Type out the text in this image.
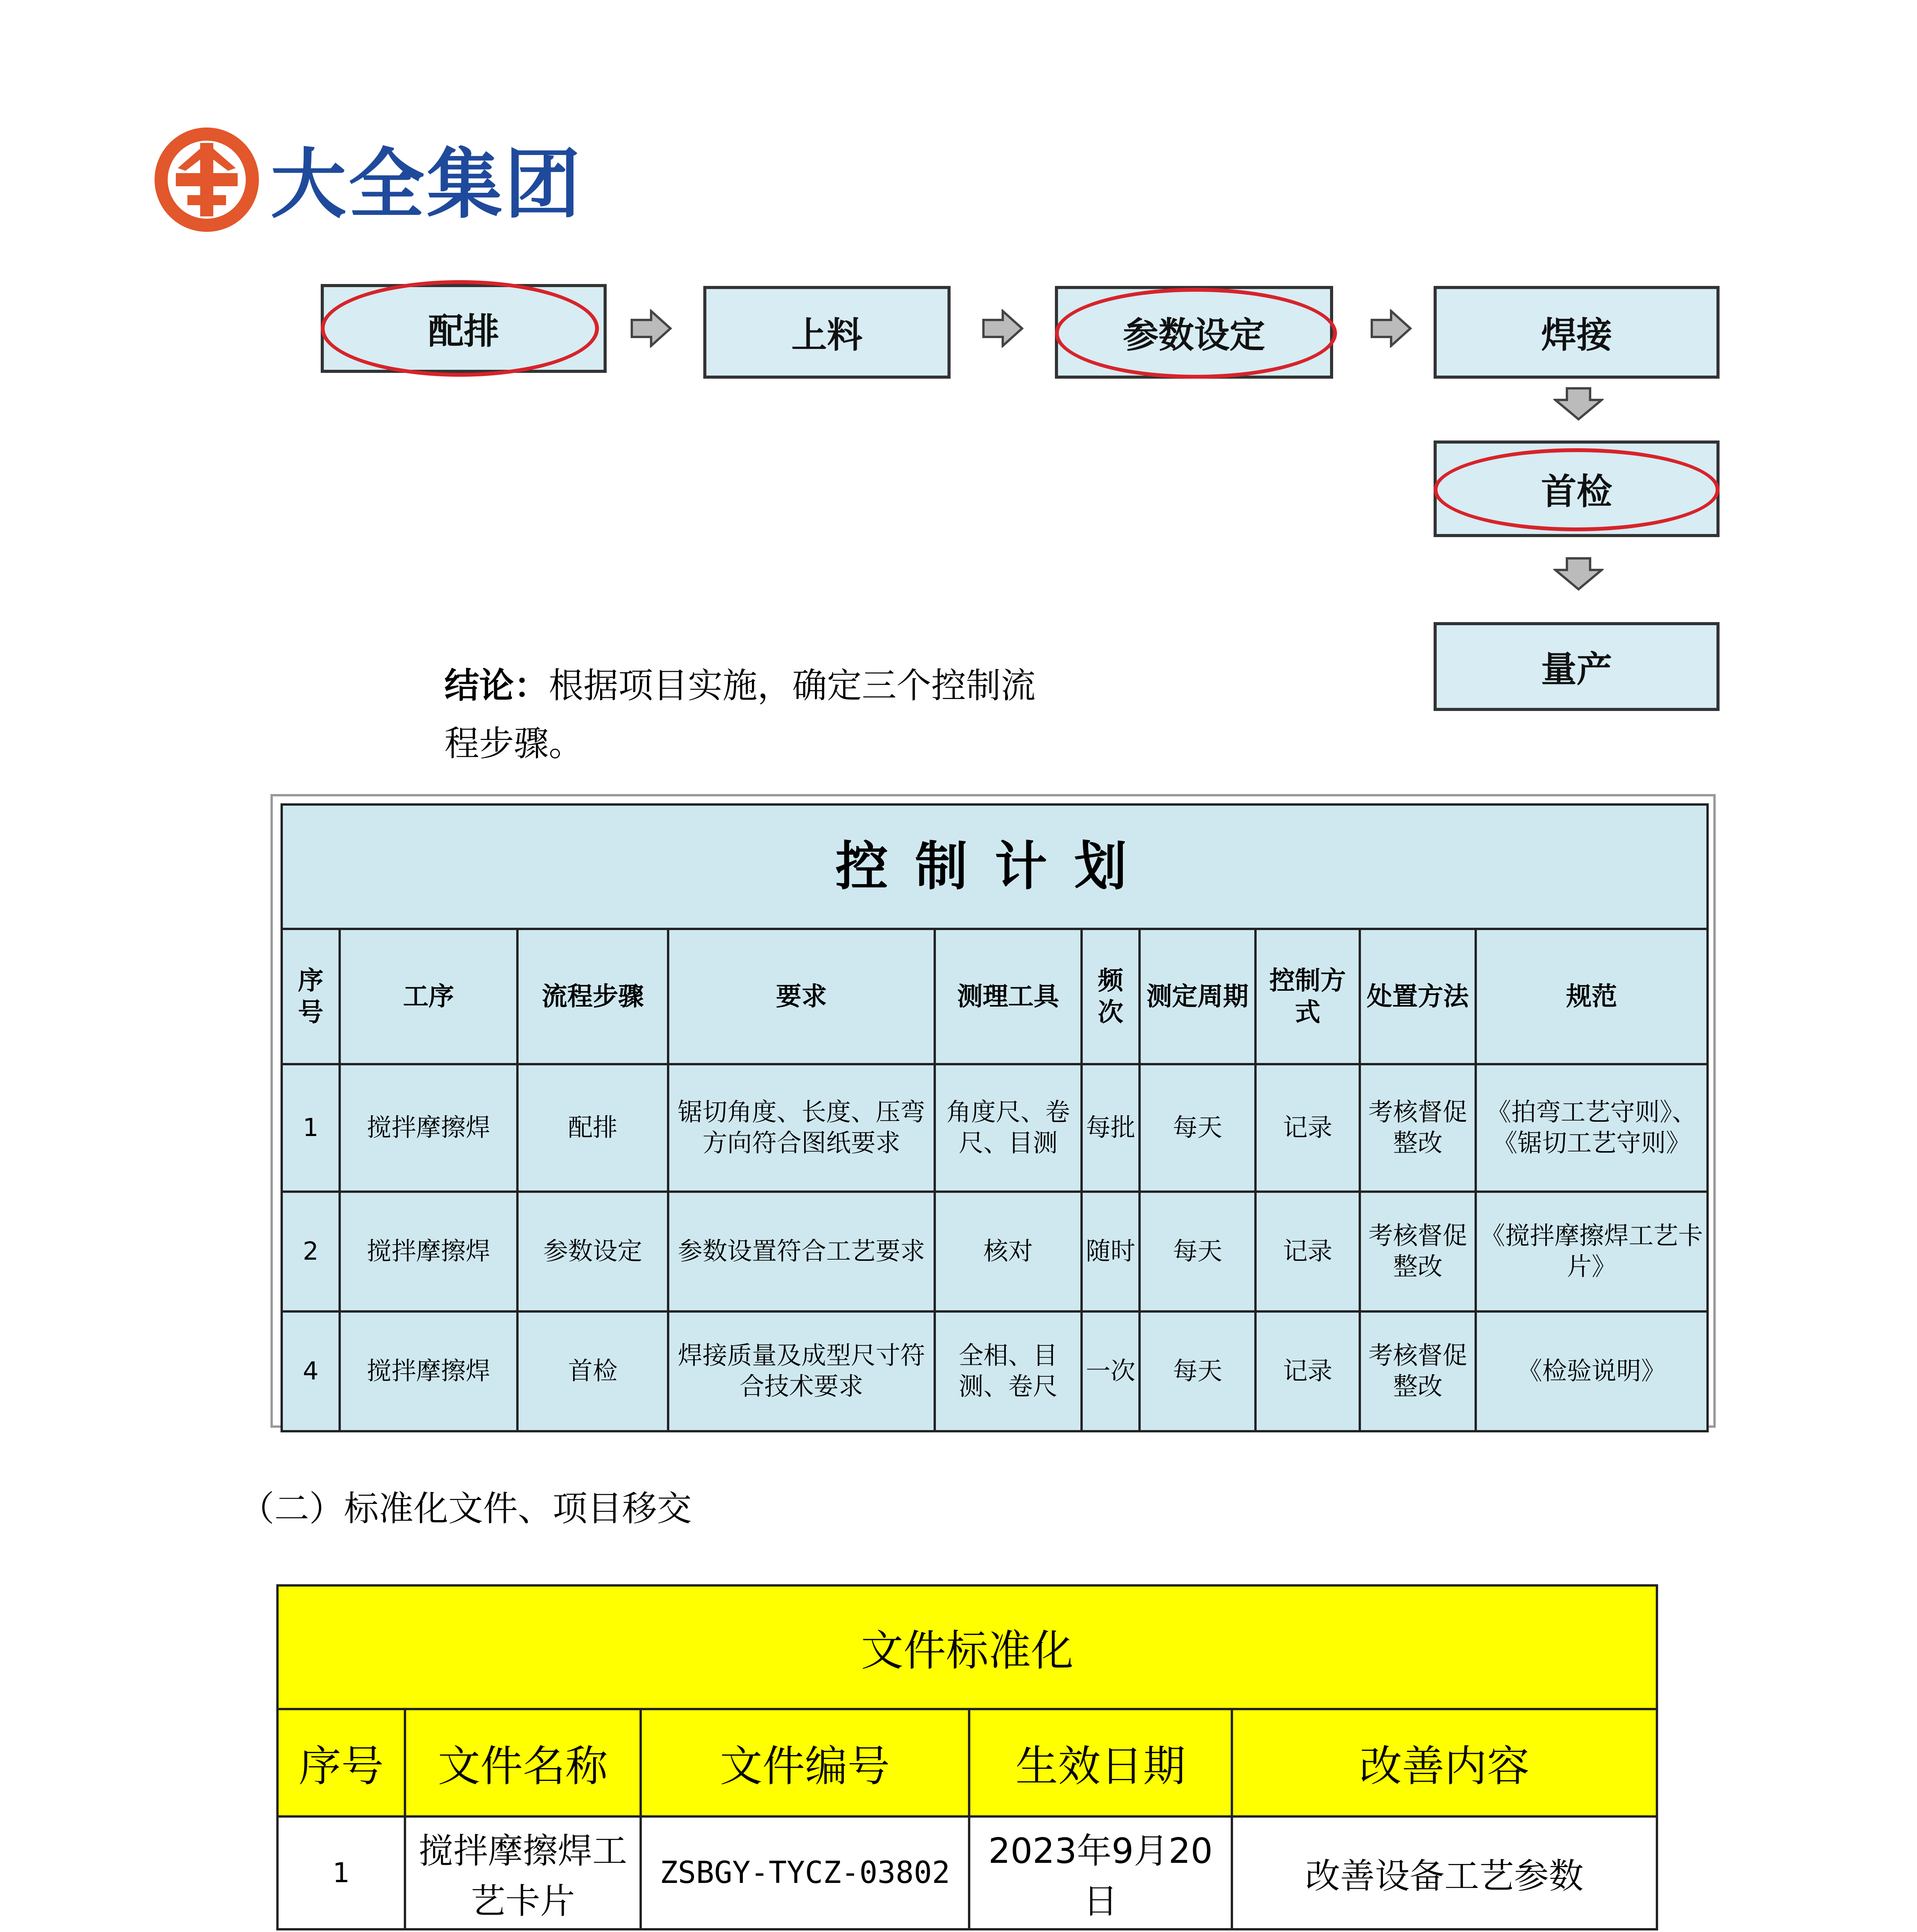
大全集团
配排	上料	参数设定	焊接
首检
量产
结论：根据项目实施，确定三个控制流
程步骤。
控制计划									
序号	工序	流程步骤	要求	测理工具	频次	测定周期	控制方式	处置方法	规范
1	搅拌摩擦焊	配排	锯切角度、长度、压弯方向符合图纸要求	角度尺、卷尺、目测	每批	每天	记录	考核督促整改	《拍弯工艺守则》、《锯切工艺守则》
2	搅拌摩擦焊	参数设定	参数设置符合工艺要求	核对	随时	每天	记录	考核督促整改	《搅拌摩擦焊工艺卡片》
4	搅拌摩擦焊	首检	焊接质量及成型尺寸符合技术要求	全相、目测、卷尺	一次	每天	记录	考核督促整改	《检验说明》
（二）标准化文件、项目移交
文件标准化				
序号	文件名称	文件编号	生效日期	改善内容
1	搅拌摩擦焊工艺卡片	ZSBGY-TYCZ-03802	2023年9月20日	改善设备工艺参数
